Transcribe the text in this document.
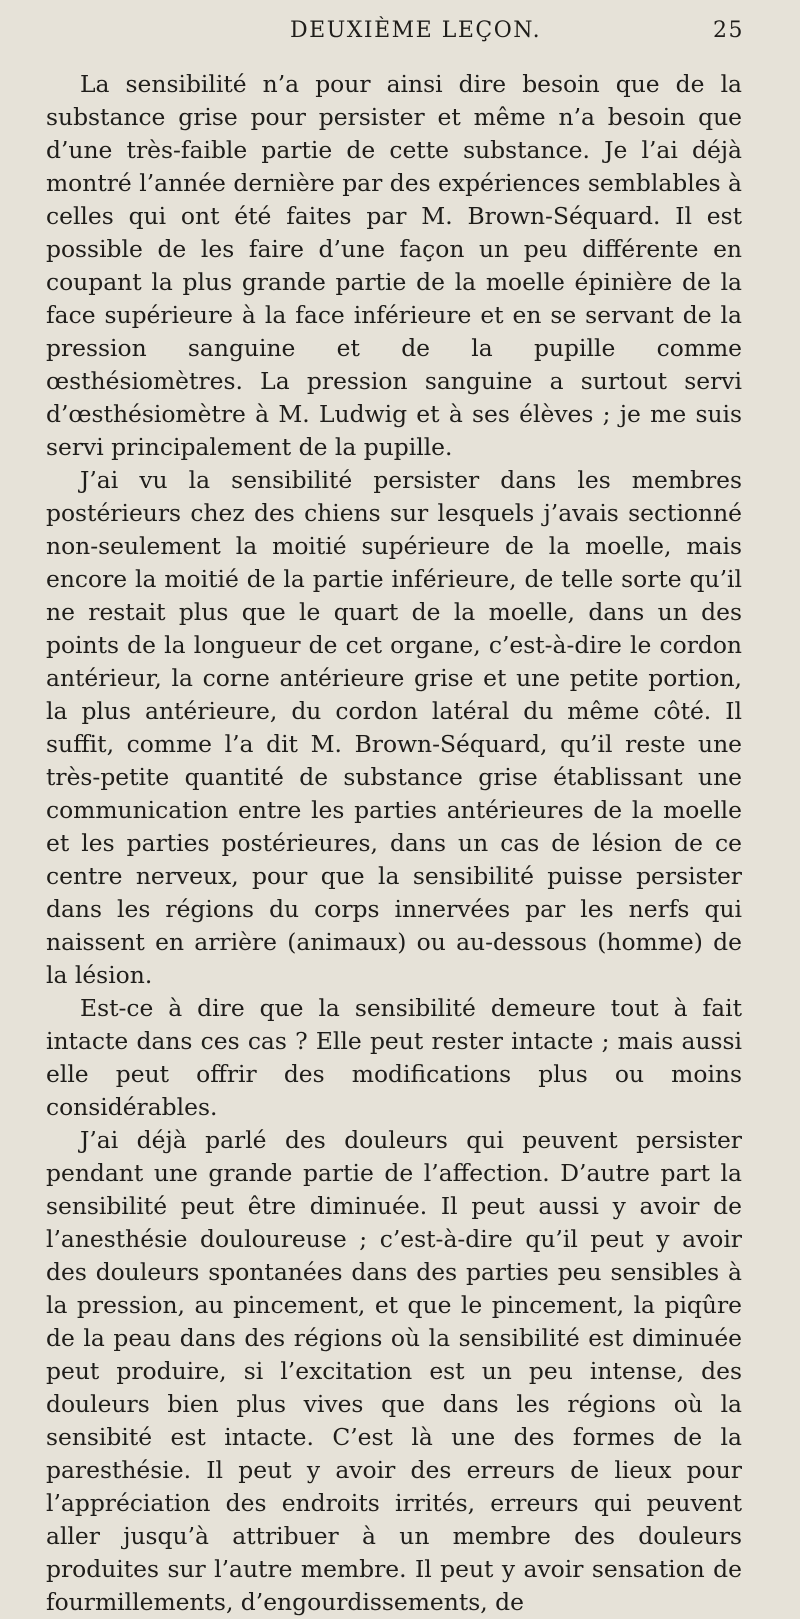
DEUXIÈME LEÇON.	25

La sensibilité n’a pour ainsi dire besoin que de la substance grise pour persister et même n’a besoin que d’une très-faible partie de cette substance. Je l’ai déjà montré l’année dernière par des expériences semblables à celles qui ont été faites par M. Brown-Séquard. Il est possible de les faire d’une façon un peu différente en coupant la plus grande partie de la moelle épinière de la face supérieure à la face inférieure et en se servant de la pression sanguine et de la pupille comme œsthésiomètres. La pression sanguine a surtout servi d’œsthésiomètre à M. Ludwig et à ses élèves ; je me suis servi principalement de la pupille.

J’ai vu la sensibilité persister dans les membres postérieurs chez des chiens sur lesquels j’avais sectionné non-seulement la moitié supérieure de la moelle, mais encore la moitié de la partie inférieure, de telle sorte qu’il ne restait plus que le quart de la moelle, dans un des points de la longueur de cet organe, c’est-à-dire le cordon antérieur, la corne antérieure grise et une petite portion, la plus antérieure, du cordon latéral du même côté. Il suffit, comme l’a dit M. Brown-Séquard, qu’il reste une très-petite quantité de substance grise établissant une communication entre les parties antérieures de la moelle et les parties postérieures, dans un cas de lésion de ce centre nerveux, pour que la sensibilité puisse persister dans les régions du corps innervées par les nerfs qui naissent en arrière (animaux) ou au-dessous (homme) de la lésion.

Est-ce à dire que la sensibilité demeure tout à fait intacte dans ces cas ? Elle peut rester intacte ; mais aussi elle peut offrir des modifications plus ou moins considérables.

J’ai déjà parlé des douleurs qui peuvent persister pendant une grande partie de l’affection. D’autre part la sensibilité peut être diminuée. Il peut aussi y avoir de l’anesthésie douloureuse ; c’est-à-dire qu’il peut y avoir des douleurs spontanées dans des parties peu sensibles à la pression, au pincement, et que le pincement, la piqûre de la peau dans des régions où la sensibilité est diminuée peut produire, si l’excitation est un peu intense, des douleurs bien plus vives que dans les régions où la sensibité est intacte. C’est là une des formes de la paresthésie. Il peut y avoir des erreurs de lieux pour l’appréciation des endroits irrités, erreurs qui peuvent aller jusqu’à attribuer à un membre des douleurs produites sur l’autre membre. Il peut y avoir sensation de fourmillements, d’engourdissements, de
